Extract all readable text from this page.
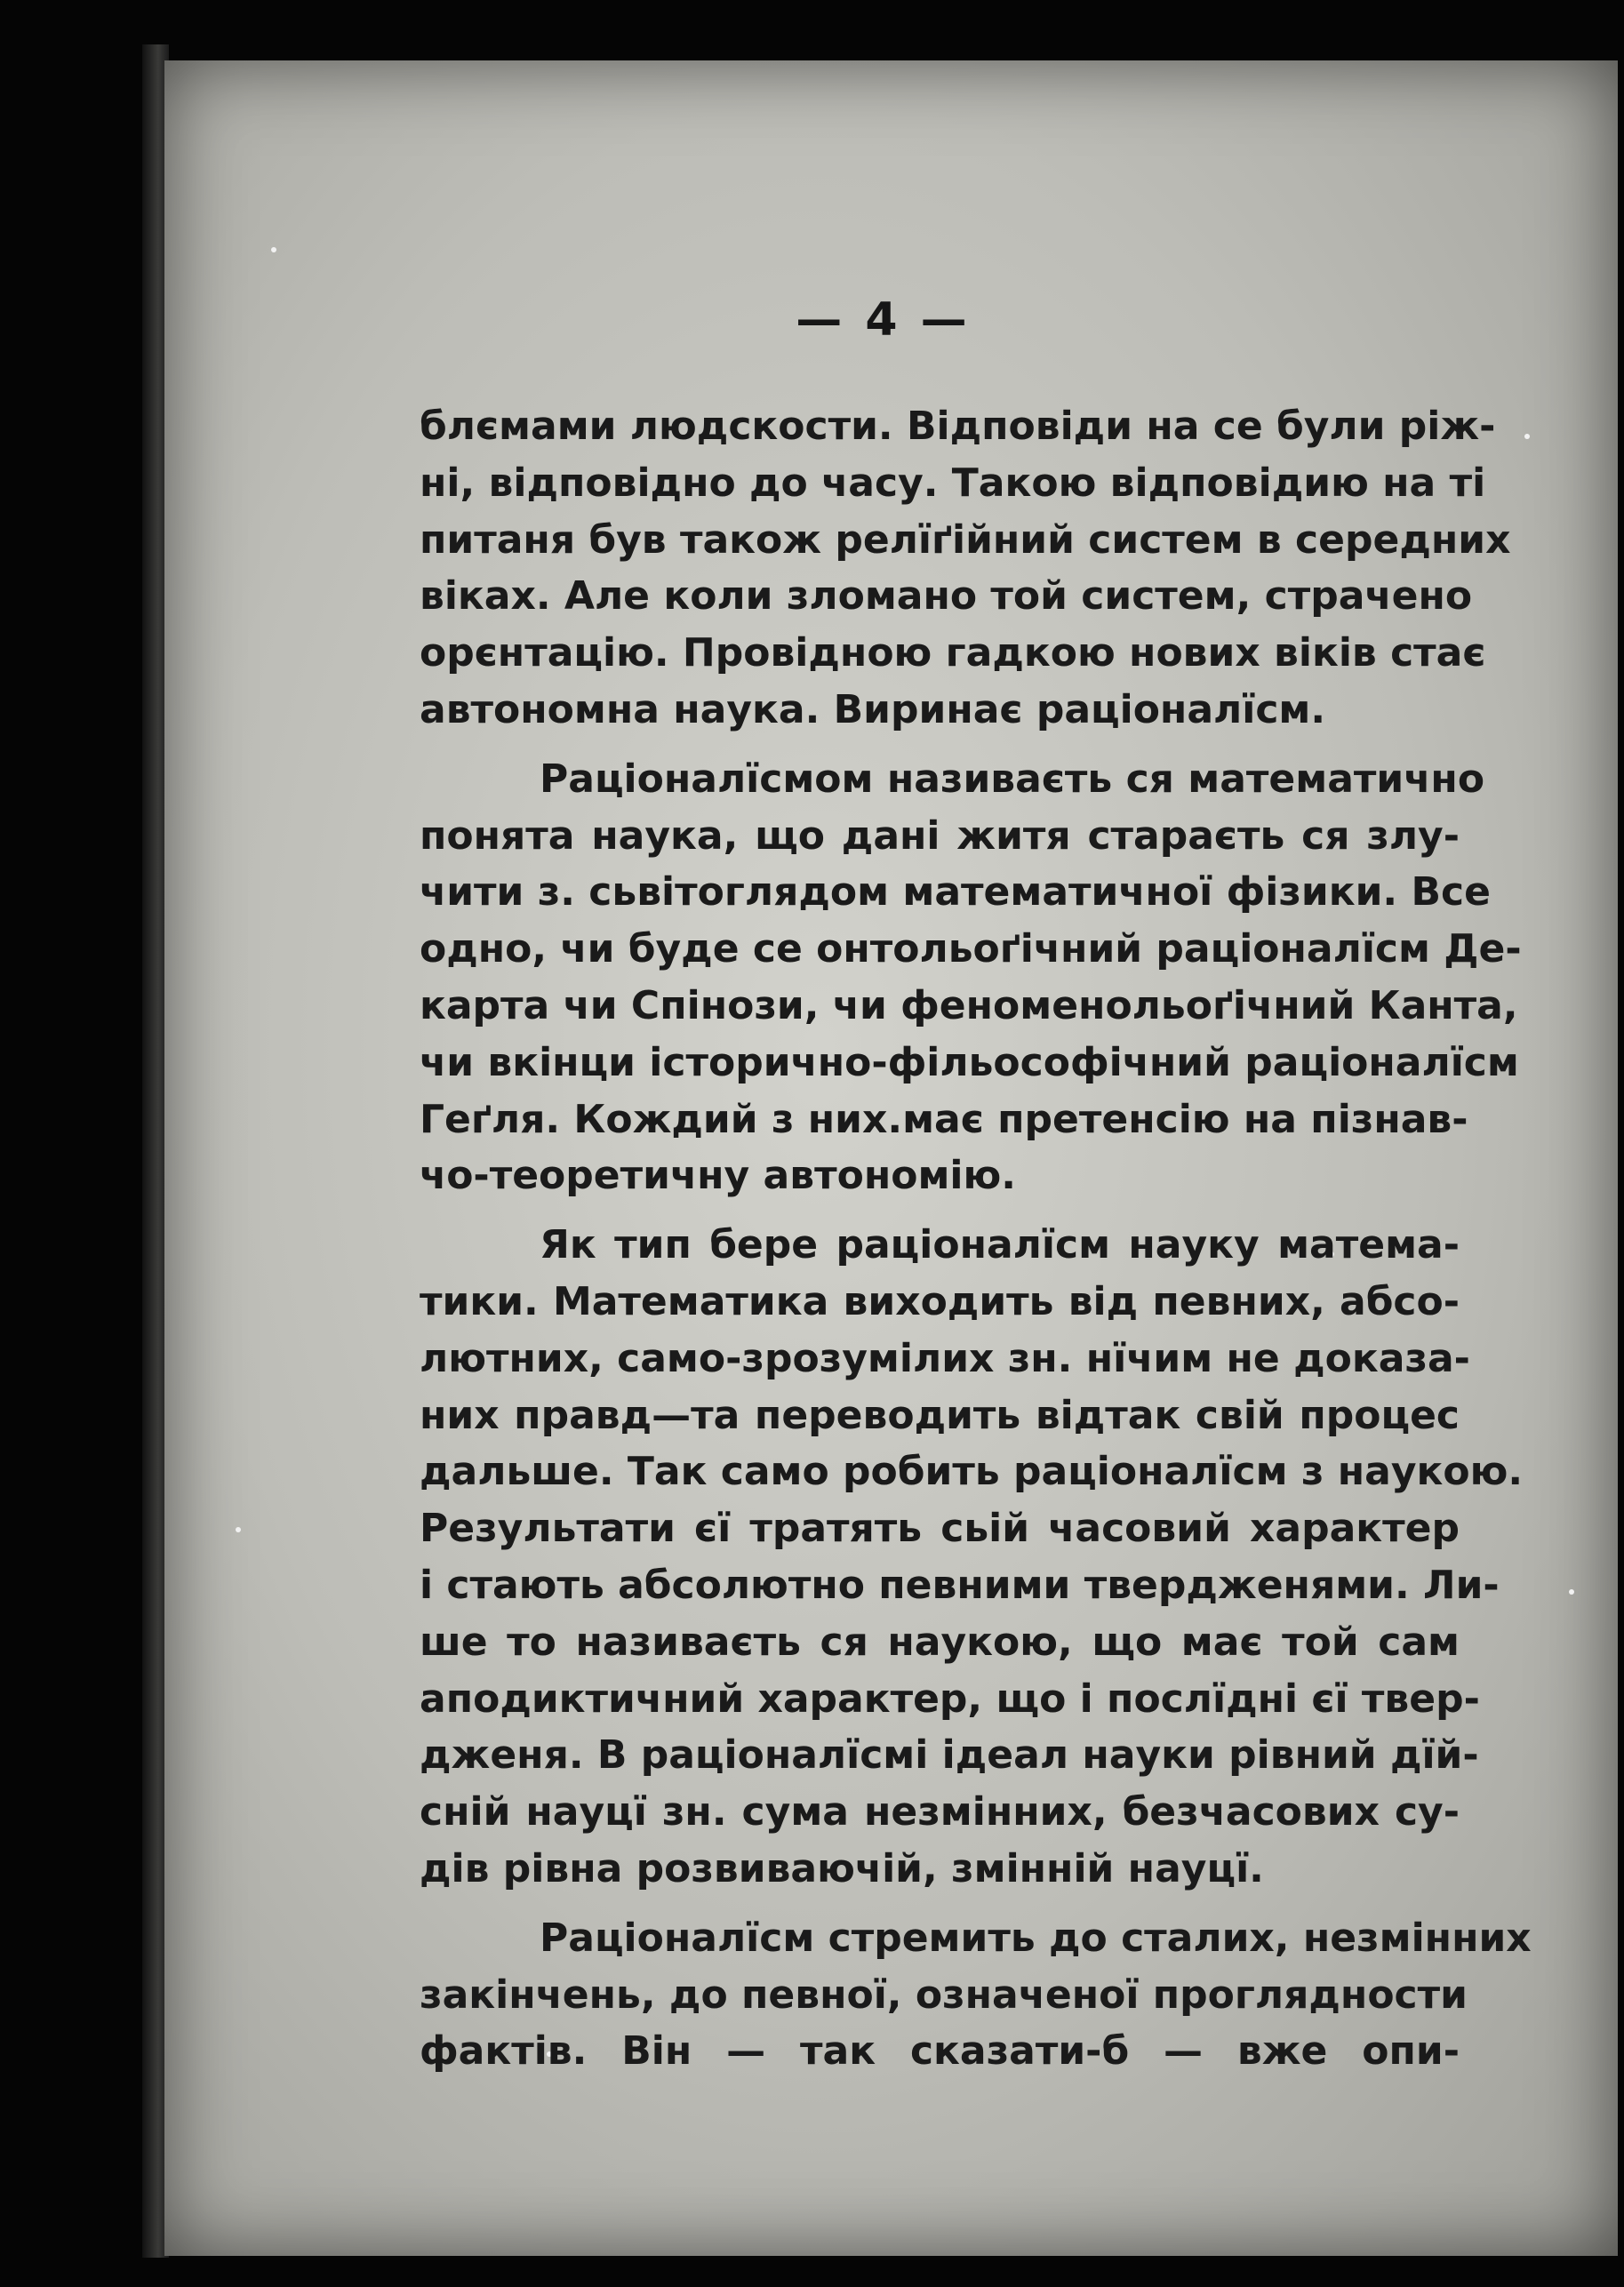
— 4 —
блємами людскости. Відповіди на се були ріж-
ні, відповідно до часу. Такою відповідию на ті
питаня був також релїґійний систем в середних
віках. Але коли зломано той систем, страчено
орєнтацію. Провідною гадкою нових віків стає
автономна наука. Виринає раціоналїсм.
Раціоналїсмом називаєть ся математично
понята наука, що дані житя стараєть ся злу-
чити з. сьвітоглядом математичної фізики. Все
одно, чи буде се онтольоґічний раціоналїсм Де-
карта чи Спінози, чи феноменольоґічний Канта,
чи вкінци історично-фільософічний раціоналїсм
Геґля. Кождий з них.має претенсію на пізнав-
чо-теоретичну автономію.
Як тип бере раціоналїсм науку матема-
тики. Математика виходить від певних, абсо-
лютних, само-зрозумілих зн. нїчим не доказа-
них правд—та переводить відтак свій процес
дальше. Так само робить раціоналїсм з наукою.
Результати єї тратять сьій часовий характер
і стають абсолютно певними твердженями. Ли-
ше то називаєть ся наукою, що має той сам
аподиктичний характер, що і послїдні єї твер-
дженя. В раціоналїсмі ідеал науки рівний дїй-
сній науцї зн. сума незмінних, безчасових су-
дів рівна розвиваючій, змінній науцї.
Раціоналїсм стремить до сталих, незмінних
закінчень, до певної, означеної проглядности
фактів. Він — так сказати-б — вже опи-
